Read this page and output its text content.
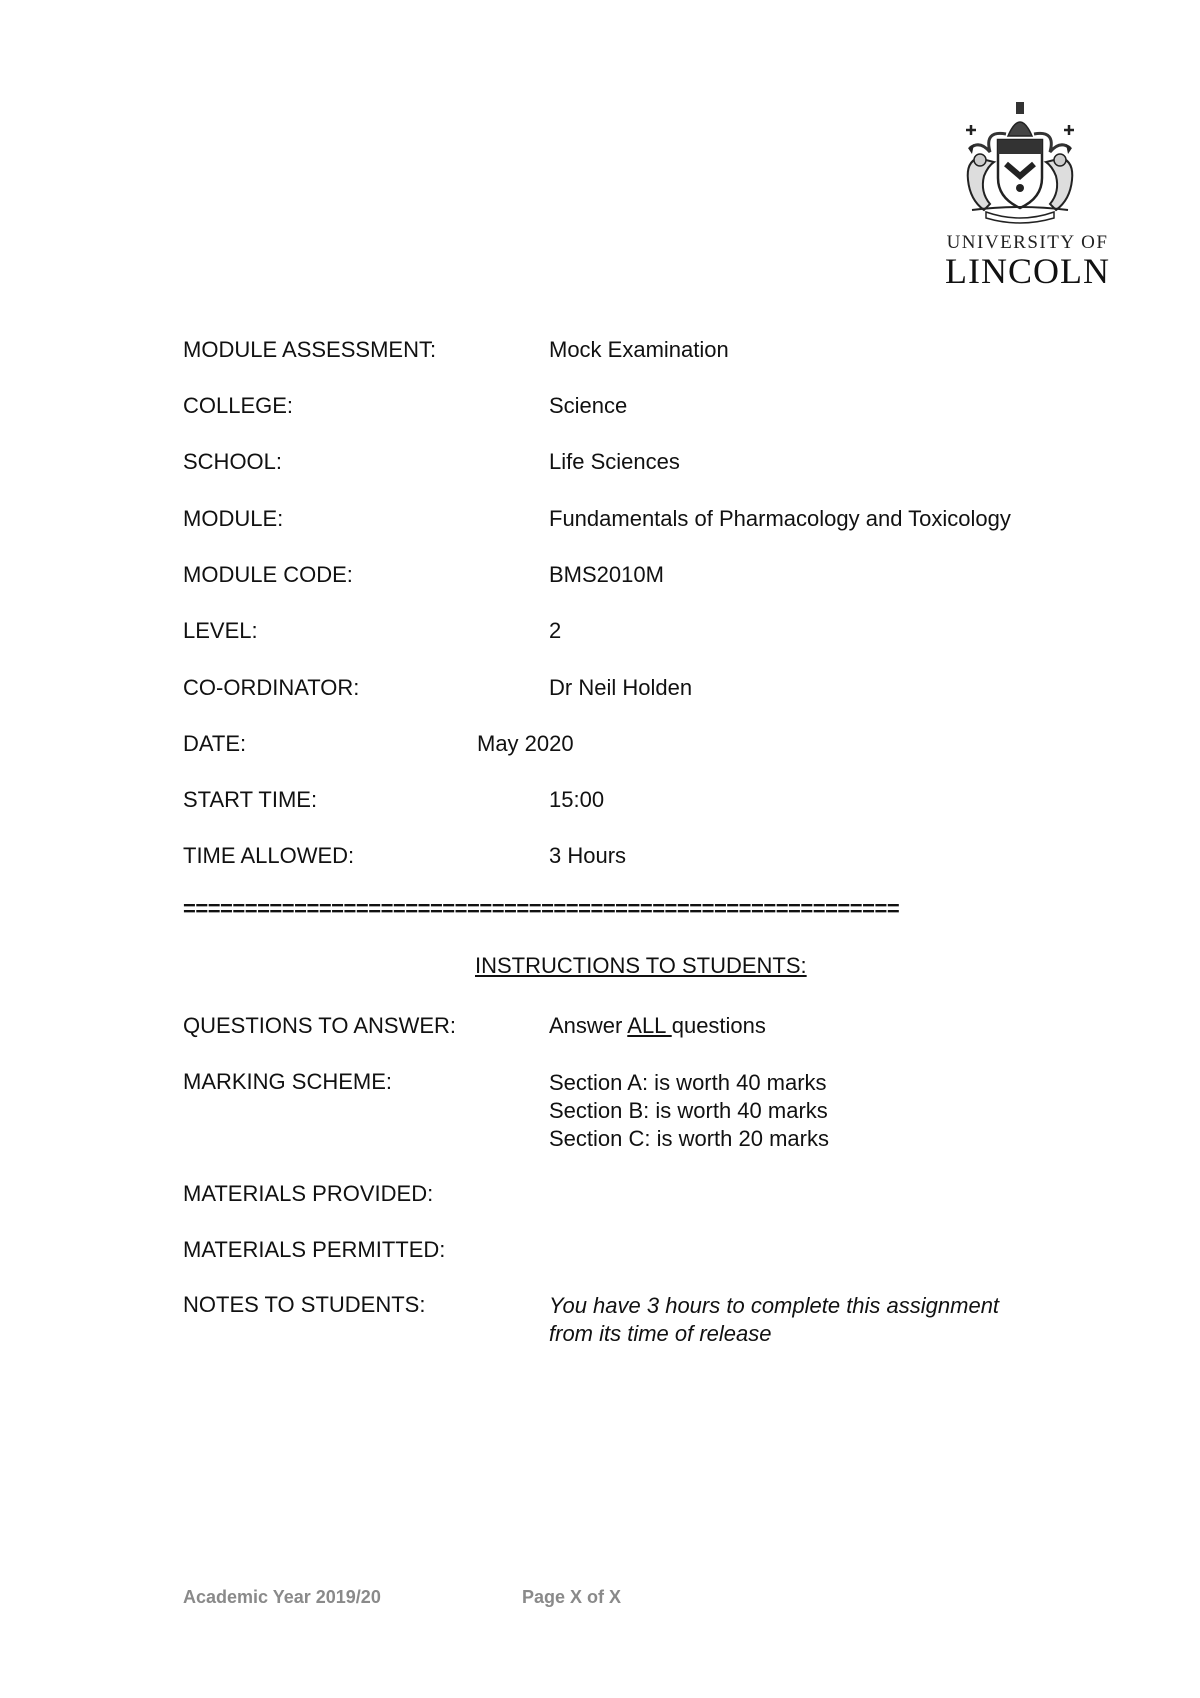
UNIVERSITY OF
LINCOLN
MODULE ASSESSMENT:	Mock Examination
COLLEGE:	Science
SCHOOL:	Life Sciences
MODULE:	Fundamentals of Pharmacology and Toxicology
MODULE CODE:	BMS2010M
LEVEL:	2
CO-ORDINATOR:	Dr Neil Holden
DATE:	May 2020
START TIME:	15:00
TIME ALLOWED:	3 Hours
==========================================================
INSTRUCTIONS TO STUDENTS:
QUESTIONS TO ANSWER:	Answer ALL questions
MARKING SCHEME:	Section A: is worth 40 marks
Section B: is worth 40 marks
Section C: is worth 20 marks
MATERIALS PROVIDED:
MATERIALS PERMITTED:
NOTES TO STUDENTS:	You have 3 hours to complete this assignment
from its time of release
Academic Year 2019/20	Page X of X
